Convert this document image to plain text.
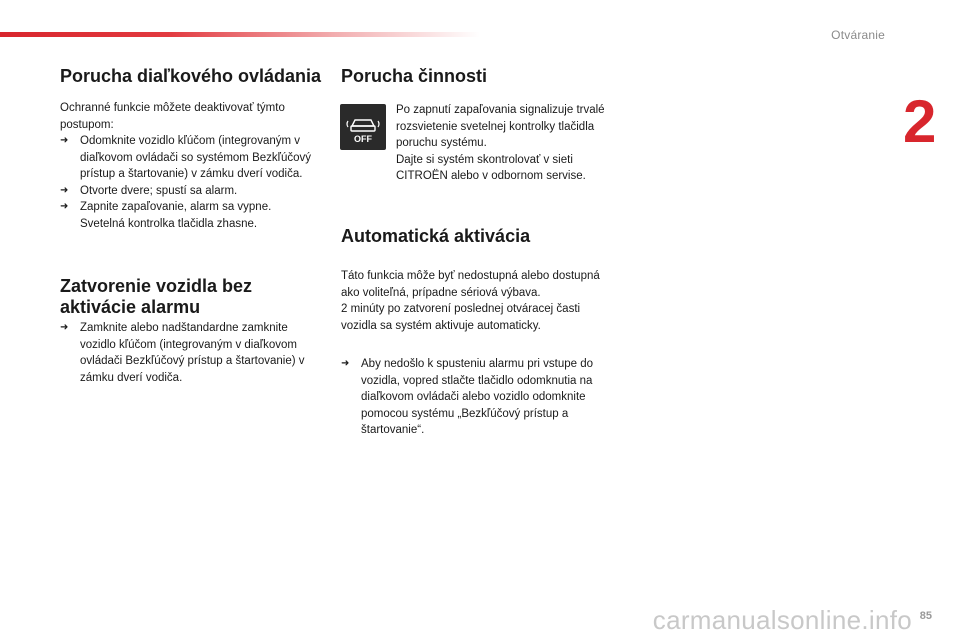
Otváranie
2
Porucha diaľkového ovládania

Ochranné funkcie môžete deaktivovať týmto postupom:

➜ Odomknite vozidlo kľúčom (integrovaným v diaľkovom ovládači so systémom Bezkľúčový prístup a štartovanie) v zámku dverí vodiča.
➜ Otvorte dvere; spustí sa alarm.
➜ Zapnite zapaľovanie, alarm sa vypne. Svetelná kontrolka tlačidla zhasne.
Zatvorenie vozidla bez
aktivácie alarmu
➜ Zamknite alebo nadštandardne zamknite vozidlo kľúčom (integrovaným v diaľkovom ovládači Bezkľúčový prístup a štartovanie) v zámku dverí vodiča.
Porucha činnosti
OFF

Po zapnutí zapaľovania signalizuje trvalé rozsvietenie svetelnej kontrolky tlačidla poruchu systému.

Dajte si systém skontrolovať v sieti CITROËN alebo v odbornom servise.

Automatická aktivácia

Táto funkcia môže byť nedostupná alebo dostupná ako voliteľná, prípadne sériová výbava.

2 minúty po zatvorení poslednej otváracej časti vozidla sa systém aktivuje automaticky.

➜ Aby nedošlo k spusteniu alarmu pri vstupe do vozidla, vopred stlačte tlačidlo odomknutia na diaľkovom ovládači alebo vozidlo odomknite pomocou systému „Bezkľúčový prístup a štartovanie“.
85
carmanualsonline.info
